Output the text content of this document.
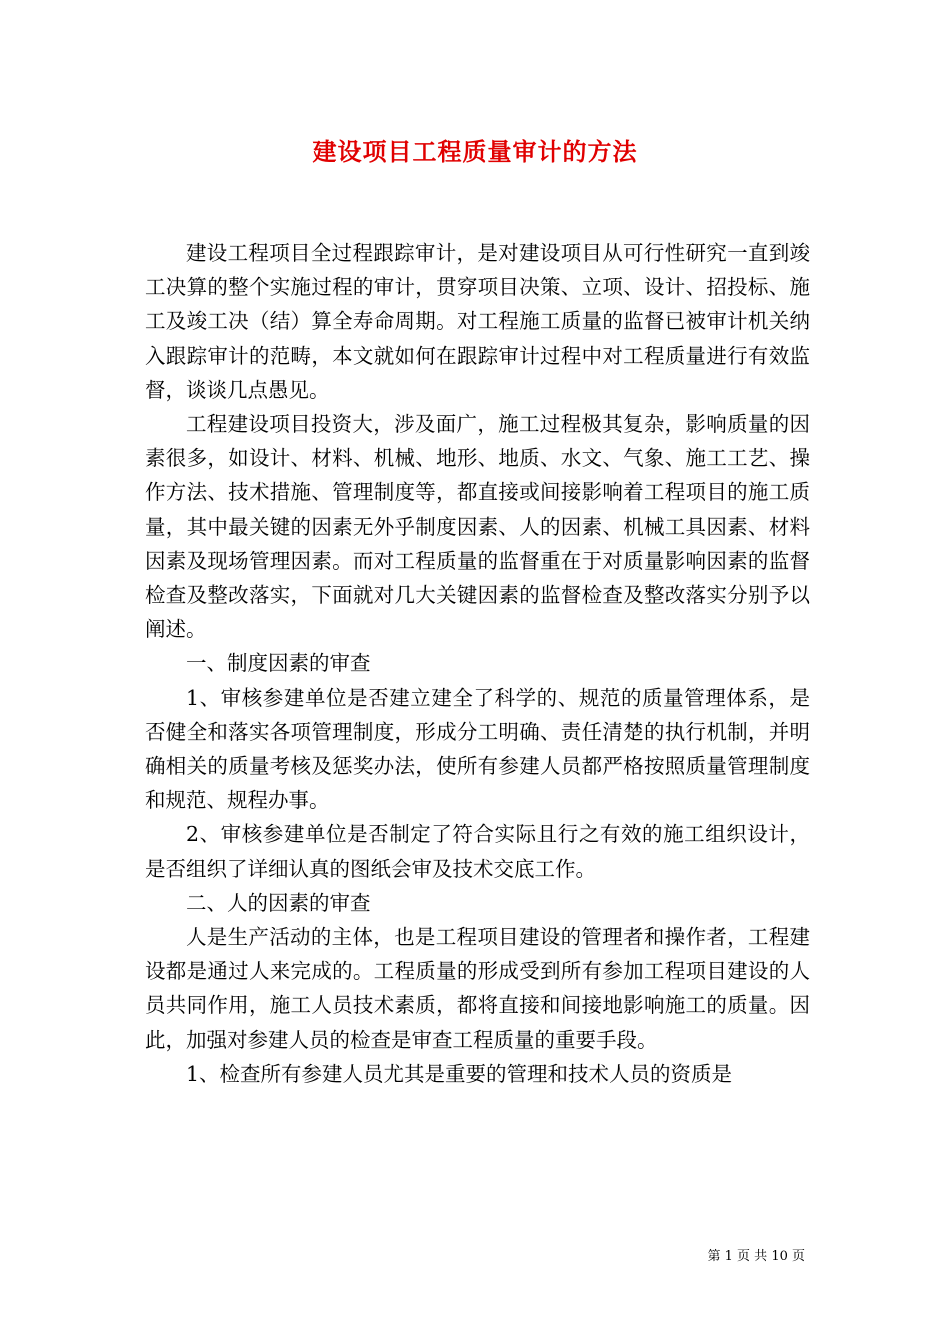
建设项目工程质量审计的方法

建设工程项目全过程跟踪审计，是对建设项目从可行性研究一直到竣工决算的整个实施过程的审计，贯穿项目决策、立项、设计、招投标、施工及竣工决（结）算全寿命周期。对工程施工质量的监督已被审计机关纳入跟踪审计的范畴，本文就如何在跟踪审计过程中对工程质量进行有效监督，谈谈几点愚见。

工程建设项目投资大，涉及面广，施工过程极其复杂，影响质量的因素很多，如设计、材料、机械、地形、地质、水文、气象、施工工艺、操作方法、技术措施、管理制度等，都直接或间接影响着工程项目的施工质量，其中最关键的因素无外乎制度因素、人的因素、机械工具因素、材料因素及现场管理因素。而对工程质量的监督重在于对质量影响因素的监督检查及整改落实，下面就对几大关键因素的监督检查及整改落实分别予以阐述。

一、制度因素的审查

1、审核参建单位是否建立建全了科学的、规范的质量管理体系，是否健全和落实各项管理制度，形成分工明确、责任清楚的执行机制，并明确相关的质量考核及惩奖办法，使所有参建人员都严格按照质量管理制度和规范、规程办事。

2、审核参建单位是否制定了符合实际且行之有效的施工组织设计，是否组织了详细认真的图纸会审及技术交底工作。

二、人的因素的审查

人是生产活动的主体，也是工程项目建设的管理者和操作者，工程建设都是通过人来完成的。工程质量的形成受到所有参加工程项目建设的人员共同作用，施工人员技术素质，都将直接和间接地影响施工的质量。因此，加强对参建人员的检查是审查工程质量的重要手段。

1、检查所有参建人员尤其是重要的管理和技术人员的资质是

第 1 页 共 10 页
